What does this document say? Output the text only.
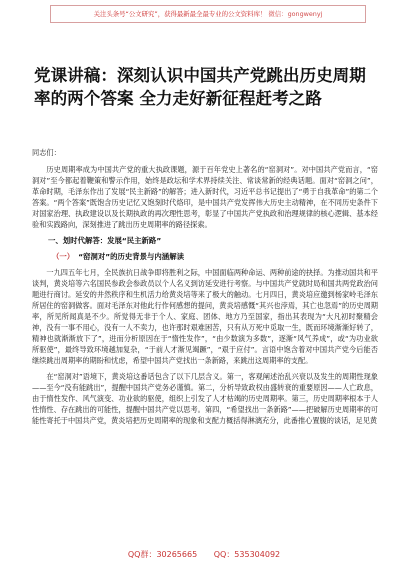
关注头条号“公文研究”，获得最新最全最专业的公文资料库！ 微信：gongwenyj
党课讲稿：深刻认识中国共产党跳出历史周期率的两个答案 全力走好新征程赶考之路

同志们：

历史周期率成为中国共产党的重大执政课题，源于百年党史上著名的“窑洞对”。对中国共产党而言，“窑洞对”至今都起着鞭策和警示作用，始终是政坛和学术界持续关注、常谈常新的经典话题。面对“窑洞之问”，革命时期，毛泽东作出了发展“民主新路”的解答；进入新时代，习近平总书记提出了“勇于自我革命”的第二个答案。“两个答案”既饱含历史记忆又饱刻时代烙印，是中国共产党发挥伟大历史主动精神，在不同历史条件下对国家治理、执政建设以及长期执政的再次理性思考，彰显了中国共产党执政和治理规律的核心逻辑、基本经验和实践路向，深刻推进了跳出历史周期率的路径探索。

一、划时代解答：发展“民主新路”
（一） “窑洞对”的历史背景与内涵解读

一九四五年七月，全民族抗日战争即将胜利之际，中国面临两种命运、两种前途的抉择。为推动国共和平谈判，黄炎培等六名国民参政会参政员以个人名义到访延安进行考察。与中国共产党就时局和国共两党政治问题进行商讨。延安的井然秩序和生机活力给黄炎培等来了极大的触动。七月四日，黄炎培应邀到杨家岭毛泽东所居住的窑洞做客。面对毛泽东对他此行作何感想的提问，黄炎培感慨“其兴也浡焉，其亡也忽焉”的历史周期率，所见所闻真是不少。所觉得无非于个人、家庭、团体、地方乃至国家，指出其表现为“大凡初时聚精会神，没有一事不用心，没有一人不卖力，也许那时艰难困苦，只有从万死中觅取一生，既而环境渐渐好转了，精神也就渐渐放下了”，进而分析原因在于“惰性发作”，“由少数演为多数”，逐渐“风气养成”，或“为功业欲所驱使”，最终导致环境越加复杂，“于前人才渐见竭蹶”，“艰于应付”。言语中饱含着对中国共产党今后能否继续跳出周期率的期盼和忧虑，希望中国共产党找出一条新路，来跳出这周期率的支配。

在“窑洞对”语境下，黄炎培这番话包含了以下几层含义。第一，客观阐述治乱兴衰以及发生的周期性现象——至今“没有能跳出”，提醒中国共产党务必谨慎。第二，分析导致政权由盛转衰的重要原因——人亡政息，由于惰性发作、风气演变、功业欲的驱使，组织上引发了人才枯竭的历史周期率。第三，历史周期率根本于人性惰性、存在跳出的可能性，提醒中国共产党以思考。第四，“希望找出一条新路”——把破解历史周期率的可能性寄托于中国共产党，黄炎培把历史周期率的现象和支配力概括得淋漓充分，此番推心置腹的谈话，足见黄

QQ群：30265665 QQ：535304092
